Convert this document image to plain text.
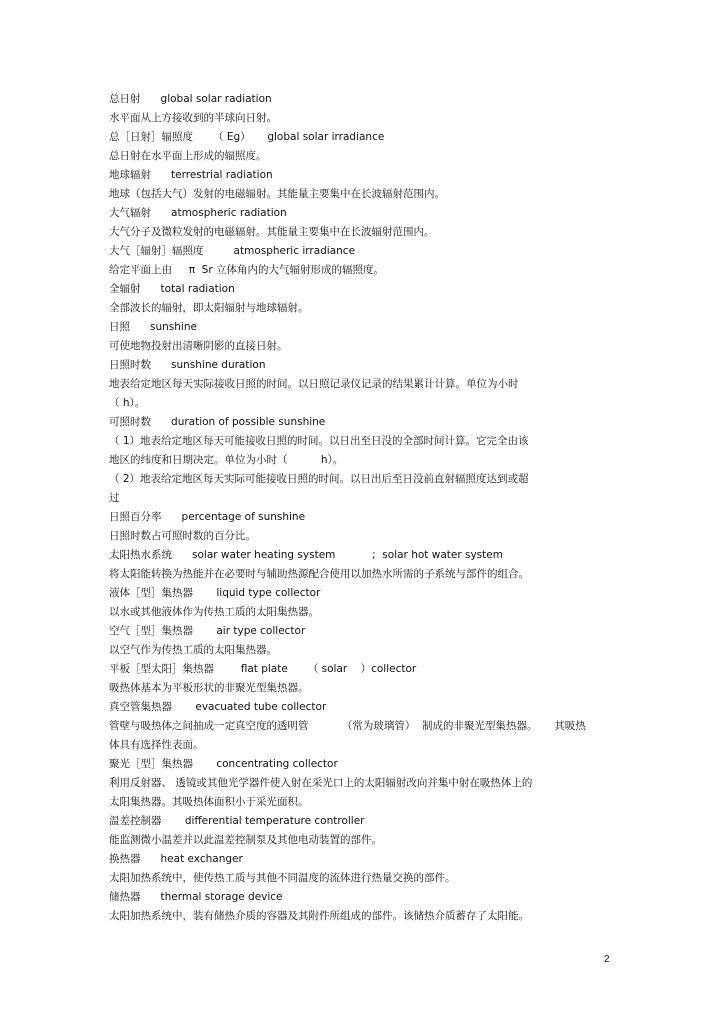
总日射      global solar radiation
水平面从上方接收到的半球向日射。
总［日射］辐照度      （ Eg）     global solar irradiance
总日射在水平面上形成的辐照度。
地球辐射      terrestrial radiation
地球（包括大气）发射的电磁辐射。其能量主要集中在长波辐射范围内。
大气辐射      atmospheric radiation
大气分子及微粒发射的电磁辐射。其能量主要集中在长波辐射范围内。
大气［辐射］辐照度         atmospheric irradiance
给定平面上由     π  Sr 立体角内的大气辐射形成的辐照度。
全辐射      total radiation
全部波长的辐射，即太阳辐射与地球辐射。
日照      sunshine
可使地物投射出清晰阴影的直接日射。
日照时数      sunshine duration
地表给定地区每天实际接收日照的时间。以日照记录仪记录的结果累计计算。单位为小时
（ h）。
可照时数      duration of possible sunshine
（ 1）地表给定地区每天可能接收日照的时间。以日出至日没的全部时间计算。它完全由该
地区的纬度和日期决定。单位为小时（          h）。
（ 2）地表给定地区每天实际可能接收日照的时间。以日出后至日没前直射辐照度达到或超
过
日照百分率      percentage of sunshine
日照时数占可照时数的百分比。
太阳热水系统      solar water heating system           ;  solar hot water system
将太阳能转换为热能并在必要时与辅助热源配合使用以加热水所需的子系统与部件的组合。
液体［型］集热器       liquid type collector
以水或其他液体作为传热工质的太阳集热器。
空气［型］集热器       air type collector
以空气作为传热工质的太阳集热器。
平板［型太阳］集热器        flat plate      （ solar    ）collector
吸热体基本为平板形状的非聚光型集热器。
真空管集热器       evacuated tube collector
管壁与吸热体之间抽成一定真空度的透明管          （常为玻璃管）  制成的非聚光型集热器。     其吸热
体具有选择性表面。
聚光［型］集热器       concentrating collector
利用反射器、 透镜或其他光学器件使入射在采光口上的太阳辐射改向并集中射在吸热体上的
太阳集热器。其吸热体面积小于采光面积。
温差控制器       differential temperature controller
能监测微小温差并以此温差控制泵及其他电动装置的部件。
换热器      heat exchanger
太阳加热系统中，使传热工质与其他不同温度的流体进行热量交换的部件。
储热器      thermal storage device
太阳加热系统中，装有储热介质的容器及其附件所组成的部件。该储热介质蓄存了太阳能。
2
